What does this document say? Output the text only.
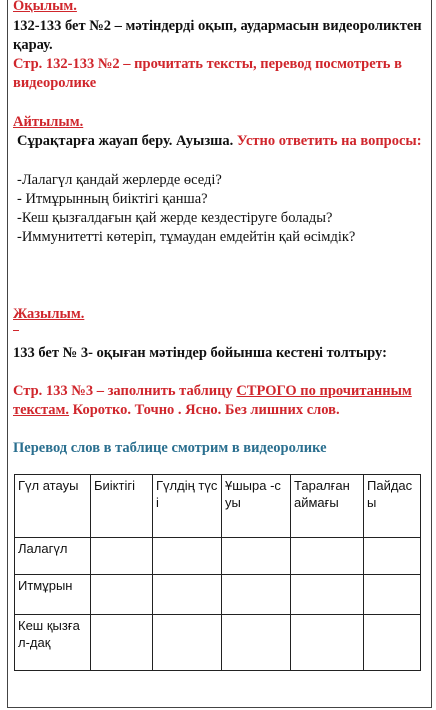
Оқылым.
132-133 бет №2 – мәтіндерді оқып, аудармасын видеороликтен қарау.
Стр. 132-133 №2 – прочитать тексты, перевод посмотреть в видеоролике
Айтылым.
Сұрақтарға жауап беру. Ауызша. Устно ответить на вопросы:
-Лалагүл қандай жерлерде өседі?
- Итмұрынның биіктігі қанша?
-Кеш қызғалдағын қай жерде кездестіруге болады?
-Иммунитетті көтеріп, тұмаудан емдейтін қай өсімдік?
Жазылым.
133 бет № 3- оқыған мәтіндер бойынша кестені толтыру:
Стр. 133 №3 – заполнить таблицу СТРОГО по прочитанным текстам. Коротко. Точно . Ясно. Без лишних слов.
Перевод слов в таблице смотрим в видеоролике
Гүл атауы	Биіктігі	Гүлдің түсі	Ұшыра -суы	Таралған аймағы	Пайдасы
Лалагүл					
Итмұрын					
Кеш қызғал-дақ					
